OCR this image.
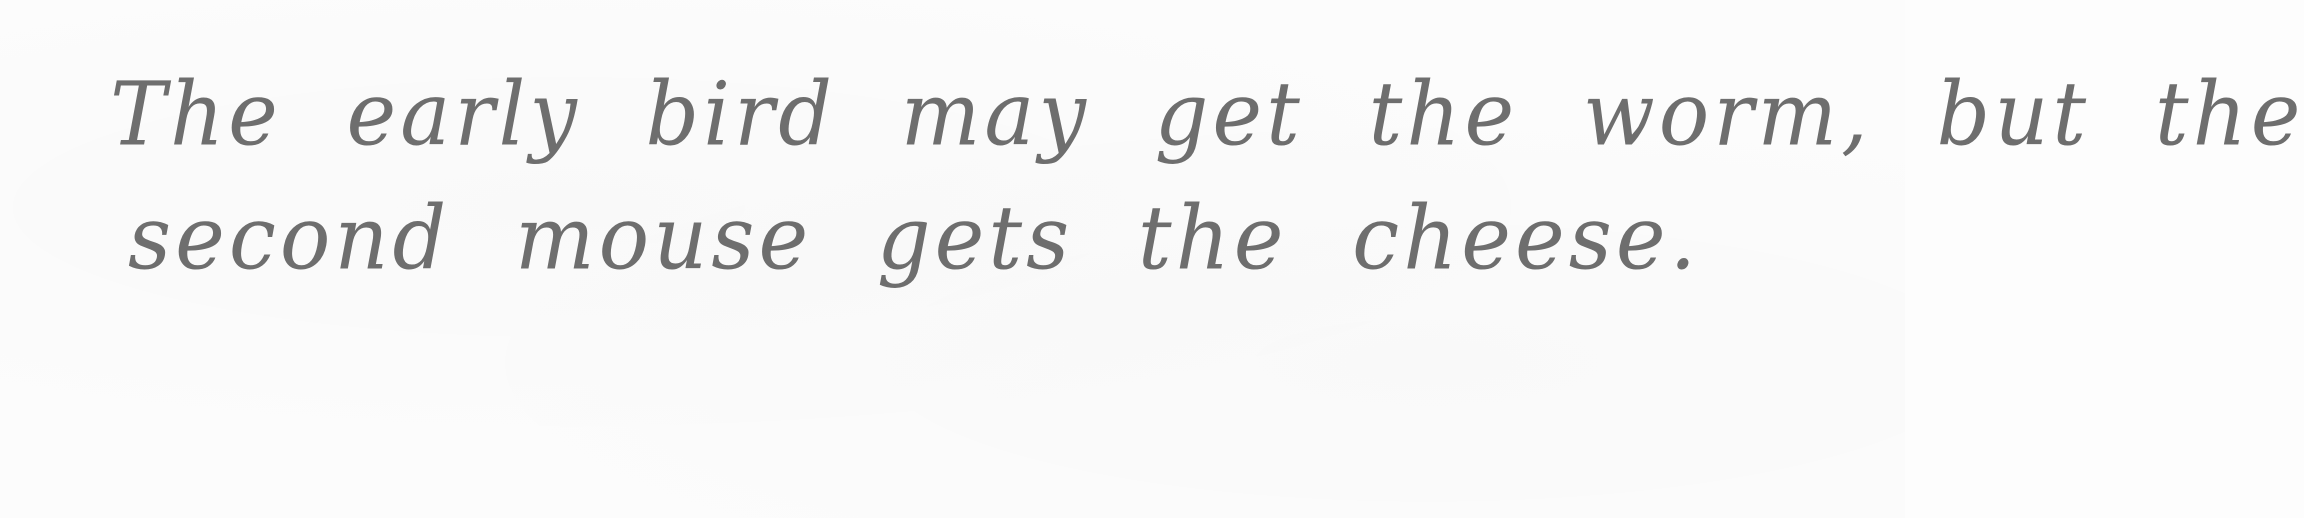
The early bird may get the worm, but the
second mouse gets the cheese.
